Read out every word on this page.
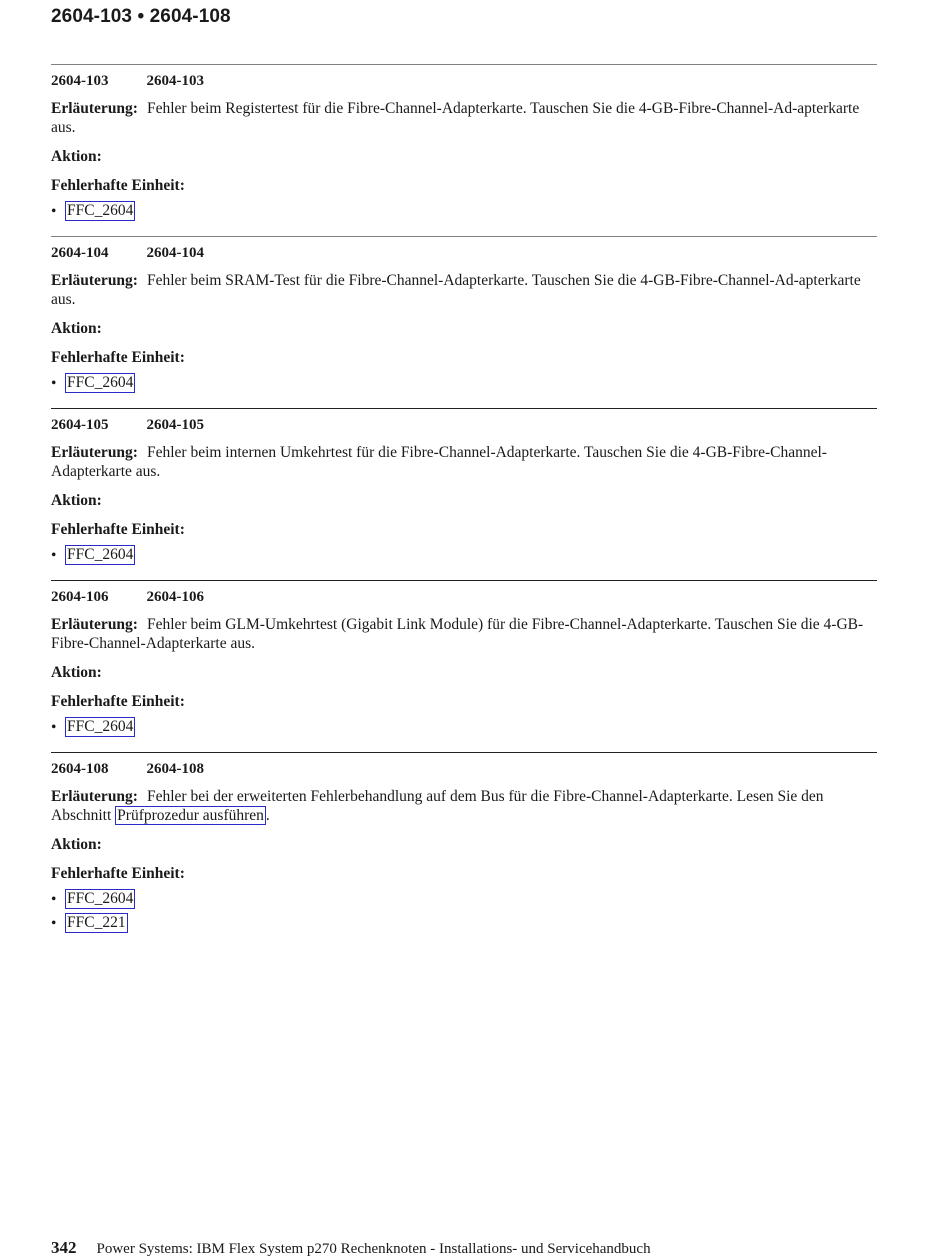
2604-103 • 2604-108
2604-103	2604-103

Erläuterung: Fehler beim Registertest für die Fibre-Channel-Adapterkarte. Tauschen Sie die 4-GB-Fibre-Channel-Ad-apterkarte aus.

Aktion:

Fehlerhafte Einheit:

• FFC_2604
2604-104	2604-104

Erläuterung: Fehler beim SRAM-Test für die Fibre-Channel-Adapterkarte. Tauschen Sie die 4-GB-Fibre-Channel-Ad-apterkarte aus.

Aktion:

Fehlerhafte Einheit:

• FFC_2604
2604-105	2604-105

Erläuterung: Fehler beim internen Umkehrtest für die Fibre-Channel-Adapterkarte. Tauschen Sie die 4-GB-Fibre-Channel-Adapterkarte aus.

Aktion:

Fehlerhafte Einheit:

• FFC_2604
2604-106	2604-106

Erläuterung: Fehler beim GLM-Umkehrtest (Gigabit Link Module) für die Fibre-Channel-Adapterkarte. Tauschen Sie die 4-GB-Fibre-Channel-Adapterkarte aus.

Aktion:

Fehlerhafte Einheit:

• FFC_2604
2604-108	2604-108

Erläuterung: Fehler bei der erweiterten Fehlerbehandlung auf dem Bus für die Fibre-Channel-Adapterkarte. Lesen Sie den Abschnitt Prüfprozedur ausführen .

Aktion:

Fehlerhafte Einheit:

• FFC_2604
• FFC_221
342 Power Systems: IBM Flex System p270 Rechenknoten - Installations- und Servicehandbuch
